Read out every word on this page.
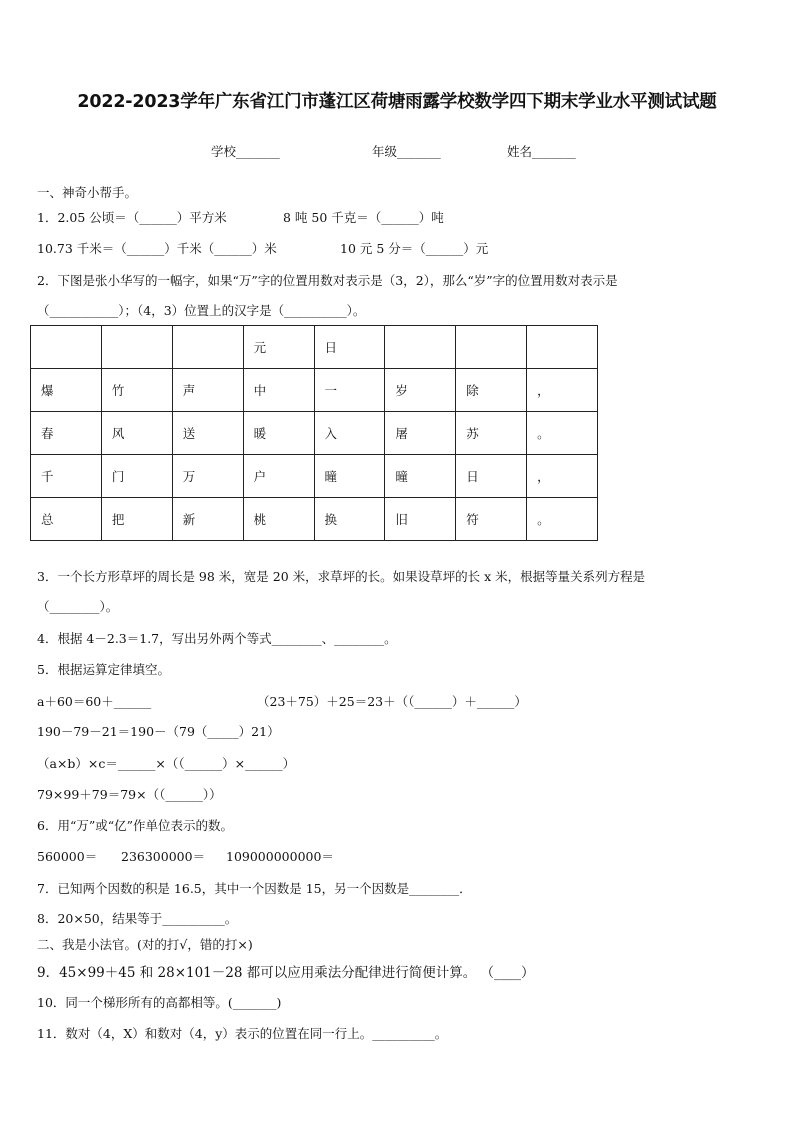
2022-2023学年广东省江门市蓬江区荷塘雨露学校数学四下期末学业水平测试试题
学校_______	年级_______	姓名_______
一、神奇小帮手。
1．2.05 公顷＝（______）平方米	8 吨 50 千克＝（______）吨
10.73 千米＝（______）千米（______）米	10 元 5 分＝（______）元
2．下图是张小华写的一幅字，如果“万”字的位置用数对表示是（3，2），那么“岁”字的位置用数对表示是
（___________）；（4，3）位置上的汉字是（__________）。
			元	日			
爆	竹	声	中	一	岁	除	，
春	风	送	暖	入	屠	苏	。
千	门	万	户	曈	曈	日	，
总	把	新	桃	换	旧	符	。
3．一个长方形草坪的周长是 98 米，宽是 20 米，求草坪的长。如果设草坪的长 x 米，根据等量关系列方程是
（________）。
4．根据 4－2.3＝1.7，写出另外两个等式________、________。
5．根据运算定律填空。
a＋60＝60＋______	（23＋75）＋25＝23＋（（______）＋______）
190－79－21＝190－（79（_____）21）
（a×b）×c＝______×（（______）×______）
79×99＋79＝79×（（______））
6．用“万”或“亿”作单位表示的数。
560000＝ 236300000＝ 109000000000＝
7．已知两个因数的积是 16.5，其中一个因数是 15，另一个因数是________．
8．20×50，结果等于__________。
二、我是小法官。(对的打√，错的打×)
9．45×99＋45 和 28×101－28 都可以应用乘法分配律进行简便计算。 （____）
10．同一个梯形所有的高都相等。(_______)
11．数对（4，X）和数对（4，y）表示的位置在同一行上。__________。
